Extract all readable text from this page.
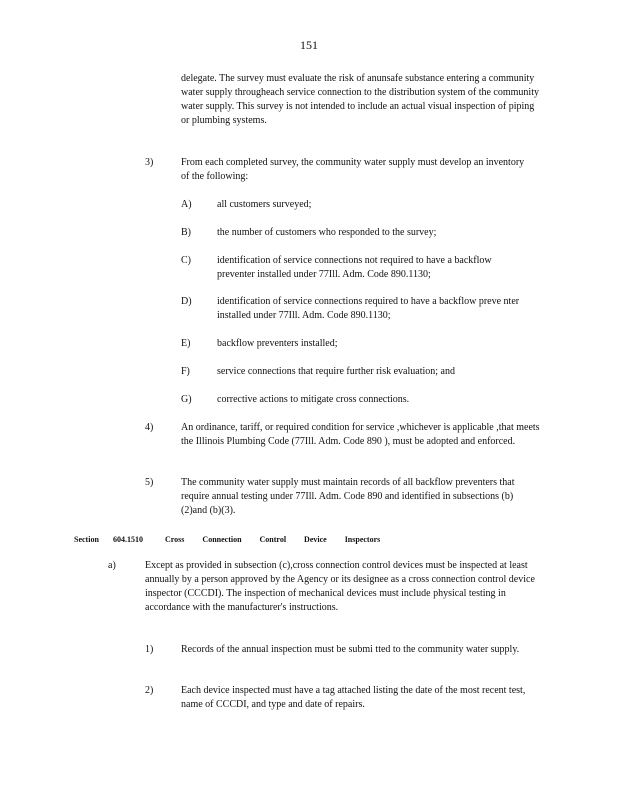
151
delegate. The survey must evaluate the risk of anunsafe substance entering a community water supply throughеach service connection to the distribution system of the community water supply. This survey is not intended to include an actual visual inspection of piping or plumbing systems.
3)	From each completed survey, the community water supply must develop an inventory of the following:
A)	all customers surveyed;
B)	the number of customers who responded to the survey;
C)	identification of service connections not required to have a backflow preventer installed under 77Ill. Adm. Code 890.1130;
D)	identification of service connections required to have a backflow preve nter installed under 77Ill. Adm. Code 890.1130;
E)	backflow preventers installed;
F)	service connections that require further risk evaluation; and
G)	corrective actions to mitigate cross connections.
4)	An ordinance, tariff, or required condition for service ,whichever is applicable ,that meets the Illinois Plumbing Code (77Ill. Adm. Code 890 ), must be adopted and enforced.
5)	The community water supply must maintain records of all backflow preventers that require annual testing under 77Ill. Adm. Code 890 and identified in subsections (b)(2)and (b)(3).
Section 604.1510	Cross Connection Control Device Inspectors
a)	Except as provided in subsection (c),cross connection control devices must be inspected at least annually by a person approved by the Agency or its designee as a cross connection control device inspector (CCCDI). The inspection of mechanical devices must include physical testing in accordance with the manufacturer's instructions.
1)	Records of the annual inspection must be submi tted to the community water supply.
2)	Each device inspected must have a tag attached listing the date of the most recent test, name of CCCDI, and type and date of repairs.
